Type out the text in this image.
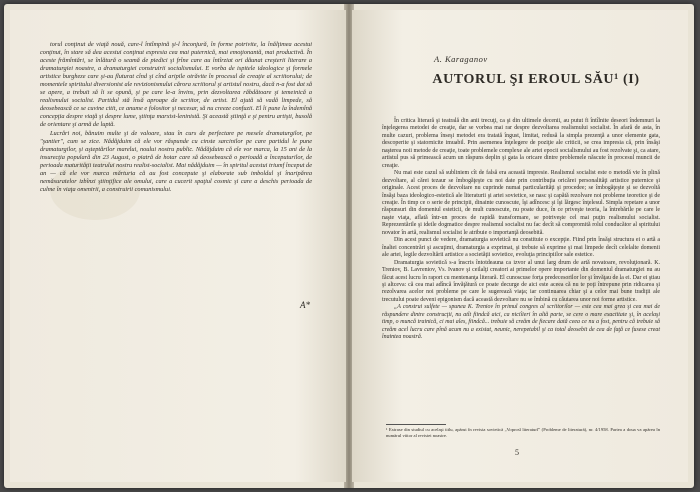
torul conţinut de viaţă nouă, care-l întîmpină şi-l înconjură, în forme potrivite, la înălţimea acestui conţinut, în stare să dea acestui conţinut expresia cea mai puternică, mai emoţionantă, mai productivă. În aceste frămîntări, se înlătură o seamă de piedici şi frîne care au întîrziat ori dăunat creşterii literare a dramaturgiei noastre, a dramaturgiei construirii socialismului. E vorba de ispitele ideologice şi formele artistice burgheze care şi-au fluturat cînd şi cînd aripile otrăvite în procesul de creaţie al scriitorului; de momentele spiritului diversionist ale revizionismului cărora scriitorul şi artistul nostru, dacă n-a fost dat să se apere, a trebuit să îi se opună, şi pe care le-a învins, prin dezvoltarea răbdătoare şi temeinică a realismului socialist. Partidul stă însă aproape de scriitor, de artist. El ajută să vadă limpede, să deosebească ce se cuvine citit, ce anume e folositor şi necesar, să nu creeze confuzii. El îi pune la îndemînă concepţia despre viaţă şi despre lume, ştiinţa marxist-leninistă. Şi această ştiinţă e şi pentru artişti, busolă de orientare şi armă de luptă.

Lucrări noi, bănuim multe şi de valoare, stau în curs de perfectare pe mesele dramaturgilor, pe "şantier", cum se zice. Nădăjduim că ele vor răspunde cu cinste sarcinilor pe care partidul le pune dramaturgilor, şi aşteptărilor marelui, noului nostru public. Nădăjduim că ele vor marca, la 15 ani de la insurecţia populară din 23 August, o piatră de hotar care să deosebească o perioadă a începuturilor, de perioada maturităţii teatrului nostru realist-socialist. Mai nădăjduim — în spiritul acestui triumf început de an — că ele vor marca mărturia că au fost concepute şi elaborate sub imboldul şi înaripărea nemăsuratelor izbînzi ştiinţifice ale omului, care a cucerit spaţiul cosmic şi care a deschis perioada de culme în viaţa omenirii, a construirii comunismului.

A*
A. Karaganov
AUTORUL ŞI EROUL SĂU¹ (I)

În critica literară şi teatrală din anii trecuţi, ca şi din ultimele decenii, au putut fi întîlnite deseori îndemnuri la înţelegerea metodei de creaţie, dar se vorbea mai rar despre dezvoltarea realismului socialist. În afară de asta, în multe cazuri, problema înseşi metodei era tratată îngust, limitat, redusă la simpla prezenţă a unor elemente gata, descoperite şi statornicite imuabil. Prin asemenea înţelegere de poziţie ale criticii, se crea impresia că, prin însăşi naşterea noii metode de creaţie, toate problemele complexe ale artei epocii socialismului au fost rezolvate şi, ca atare, artistul pus să primească acum un răspuns deplin şi gata la oricare dintre problemele născute în procesul muncii de creaţie.

Nu mai este cazul să subliniem cît de falsă era această impresie. Realismul socialist este o metodă vie în plină dezvoltare, al cărei tezaur se îmbogăţeşte cu noi date prin contribuţia oricărei personalităţi artistice puternice şi originale. Acest proces de dezvoltare nu cuprinde numai particularităţi şi procedee; se îmbogăţeşte şi se dezvoltă însăşi baza ideologico-estetică ale literaturii şi artei sovietice, se nasc şi capătă rezolvare noi probleme teoretice şi de creaţie. În timp ce o serie de principii, dinainte cunoscute, îşi adîncesc şi îşi lărgesc înţelesul. Simpla repetare a unor răspunsuri din domeniul esteticii, de mult cunoscute, nu poate duce, în ce priveşte teoria, la întrebările pe care le naşte viaţa, aflată într-un proces de rapidă transformare, se potriveşte cel mai puţin realismului socialist. Reprezentările şi ideile dogmatice despre realismul socialist nu fac decît să compromită rolul conducător al spiritului novator în artă, realismul socialist le atribuie o importanţă deosebită.

Din acest punct de vedere, dramaturgia sovietică nu constituie o excepţie. Fiind prin însăşi structura ei o artă a înaltei concentrări şi ascuţimi, dramaturgia a exprimat, şi trebuie să exprime şi mai limpede decît celelalte domenii ale artei, legile dezvoltării artistice a societăţii sovietice, evoluţia principiilor sale estetice.

Dramaturgia sovietică s-a înscris întotdeauna ca izvor al unui larg drum de artă novatoare, revoluţionară. K. Treniov, B. Lavreniov, Vs. Ivanov şi ceilalţi creatori ai primelor opere importante din domeniul dramaturgiei nu au făcut acest lucru în raport cu mentenanţa literară. El cunoscuse forţa predecesorilor lor şi învăţau de la ei. Dar ei ştiau şi altceva: că cea mai adîncă învăţătură ce poate decurge de aici este aceea că nu te poţi întrepune prin ridicarea şi rezolvarea acelor noi probleme pe care le sugerează viaţa; iar continuarea chiar şi a celor mai bune tradiţii ale trecutului poate deveni epigonism dacă această dezvoltare nu se îmbină cu căutarea unor noi forme artistice.

„A construi sulfete — spunea K. Treniov în primul congres al scriitorilor — este cea mai grea şi cea mai de răspundere dintre construcţii, nu atît fiindcă aici, ca niciîieri în altă parte, se cere o mare exactitate şi, în acelaşi timp, o muncă trainică, ci mai ales, fiindcă... trebuie să creăm de fiecare dată ceea ce nu a fost, pentru că trebuie să creăm acel lucru care pînă acum nu a existat, neunic, nerepetabil şi ca total deosebit de cea de faţă ce fusese creat înaintea noastră.

¹ Extrase din studiul cu acelaşi titlu, apărut în revista sovietică „Voprosî literaturî” (Probleme de literatură), nr. 4/1958. Partea a doua va apărea în numărul viitor al revistei noastre.
5
